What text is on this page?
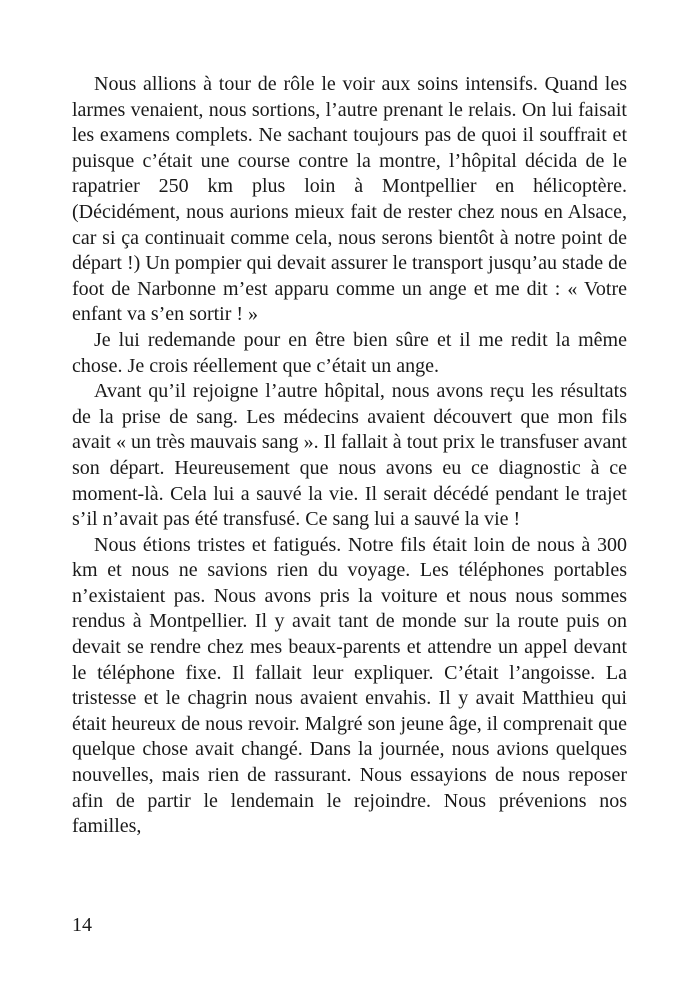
Nous allions à tour de rôle le voir aux soins intensifs. Quand les larmes venaient, nous sortions, l’autre prenant le relais. On lui faisait les examens complets. Ne sachant toujours pas de quoi il souffrait et puisque c’était une course contre la montre, l’hôpital décida de le rapatrier 250 km plus loin à Montpellier en hélicoptère. (Décidément, nous aurions mieux fait de rester chez nous en Alsace, car si ça continuait comme cela, nous serons bientôt à notre point de départ !) Un pompier qui devait assurer le transport jusqu’au stade de foot de Narbonne m’est apparu comme un ange et me dit : « Votre enfant va s’en sortir ! »

Je lui redemande pour en être bien sûre et il me redit la même chose. Je crois réellement que c’était un ange.

Avant qu’il rejoigne l’autre hôpital, nous avons reçu les résultats de la prise de sang. Les médecins avaient découvert que mon fils avait « un très mauvais sang ». Il fallait à tout prix le transfuser avant son départ. Heureusement que nous avons eu ce diagnostic à ce moment-là. Cela lui a sauvé la vie. Il serait décédé pendant le trajet s’il n’avait pas été transfusé. Ce sang lui a sauvé la vie !

Nous étions tristes et fatigués. Notre fils était loin de nous à 300 km et nous ne savions rien du voyage. Les téléphones portables n’existaient pas. Nous avons pris la voiture et nous nous sommes rendus à Montpellier. Il y avait tant de monde sur la route puis on devait se rendre chez mes beaux-parents et attendre un appel devant le téléphone fixe. Il fallait leur expliquer. C’était l’angoisse. La tristesse et le chagrin nous avaient envahis. Il y avait Matthieu qui était heureux de nous revoir. Malgré son jeune âge, il comprenait que quelque chose avait changé. Dans la journée, nous avions quelques nouvelles, mais rien de rassurant. Nous essayions de nous reposer afin de partir le lendemain le rejoindre. Nous prévenions nos familles,

14
